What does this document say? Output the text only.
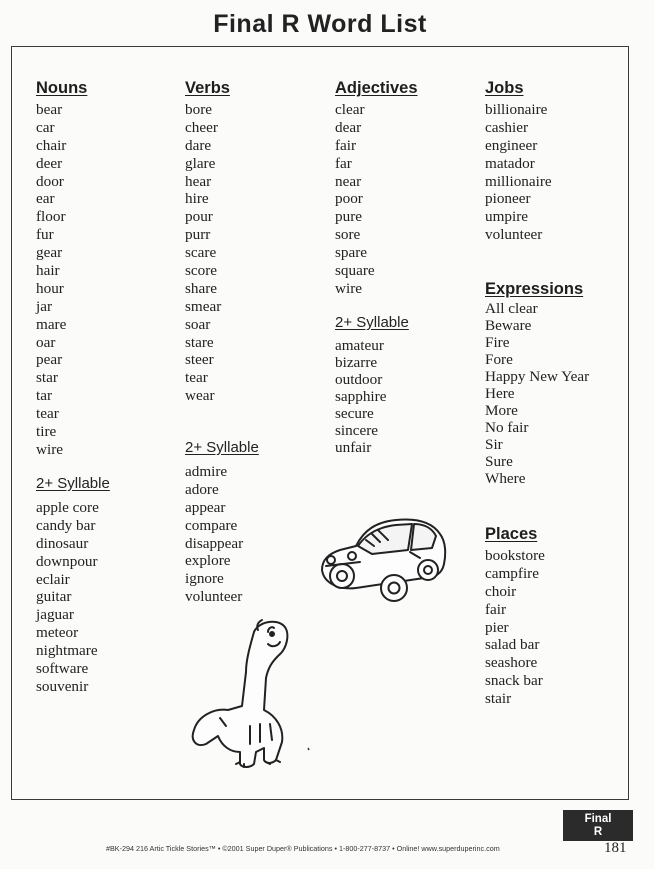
Final R Word List
Nouns
bear
car
chair
deer
door
ear
floor
fur
gear
hair
hour
jar
mare
oar
pear
star
tar
tear
tire
wire
2+ Syllable
apple core
candy bar
dinosaur
downpour
eclair
guitar
jaguar
meteor
nightmare
software
souvenir
Verbs
bore
cheer
dare
glare
hear
hire
pour
purr
scare
score
share
smear
soar
stare
steer
tear
wear
2+ Syllable
admire
adore
appear
compare
disappear
explore
ignore
volunteer
Adjectives
clear
dear
fair
far
near
poor
pure
sore
spare
square
wire
2+ Syllable
amateur
bizarre
outdoor
sapphire
secure
sincere
unfair
Jobs
billionaire
cashier
engineer
matador
millionaire
pioneer
umpire
volunteer
Expressions
All clear
Beware
Fire
Fore
Happy New Year
Here
More
No fair
Sir
Sure
Where
Places
bookstore
campfire
choir
fair
pier
salad bar
seashore
snack bar
stair
Final
R
#BK-294 216 Artic Tickle Stories™ • ©2001 Super Duper® Publications • 1-800-277-8737 • Online! www.superduperinc.com	181
